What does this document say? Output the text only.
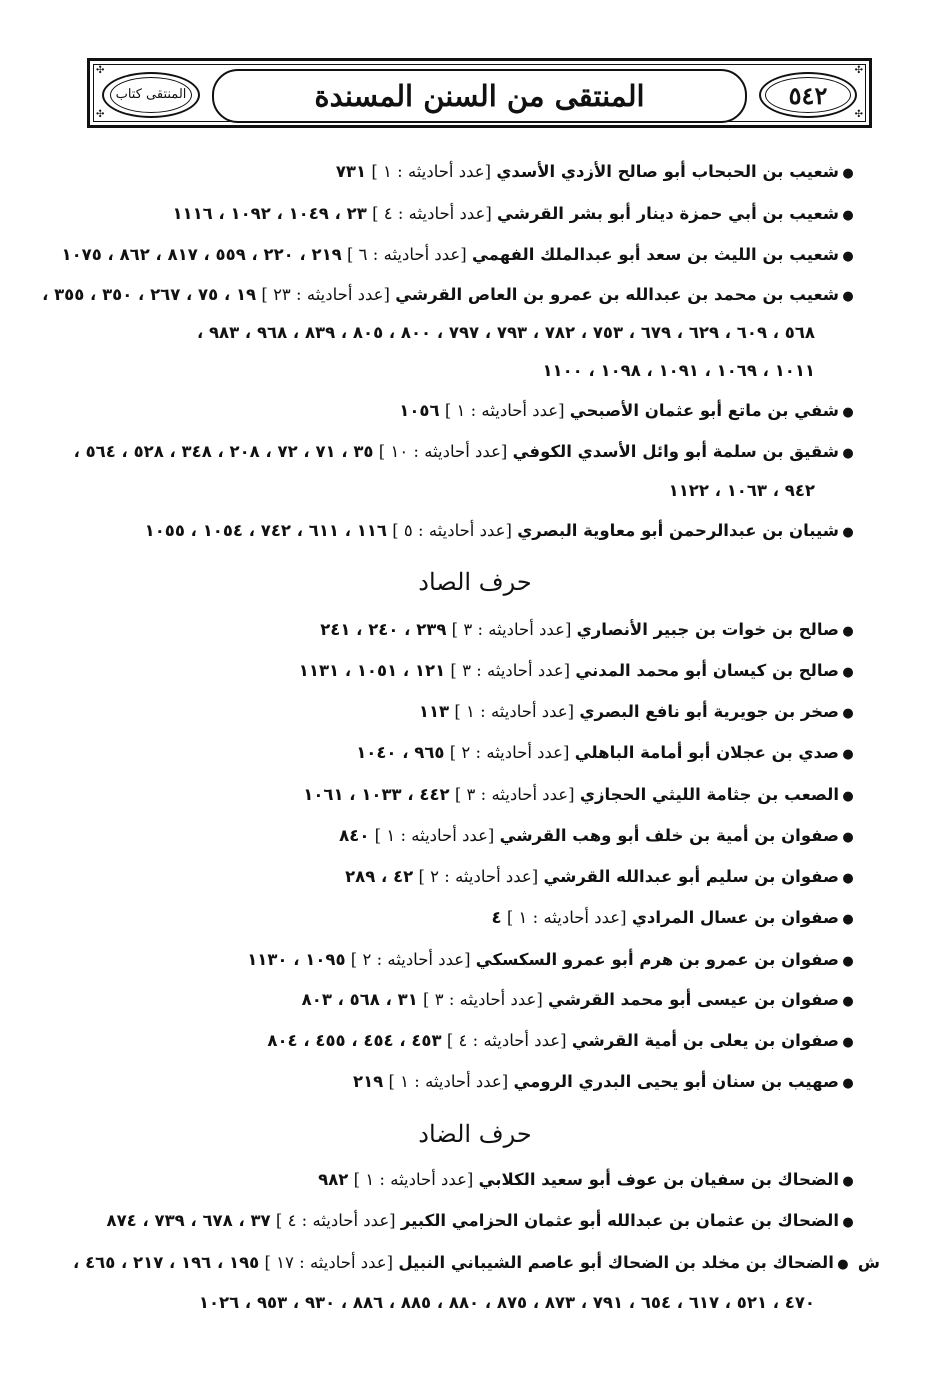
✣
✣
✣
✣
٥٤٢
المنتقى من السنن المسندة
المنتقى كتاب
●شعيب بن الحبحاب أبو صالح الأزدي الأسدي [عدد أحاديثه : ١ ] ٧٣١
●شعيب بن أبي حمزة دينار أبو بشر القرشي [عدد أحاديثه : ٤ ] ٢٣ ، ١٠٤٩ ، ١٠٩٢ ، ١١١٦
●شعيب بن الليث بن سعد أبو عبدالملك الفهمي [عدد أحاديثه : ٦ ] ٢١٩ ، ٢٢٠ ، ٥٥٩ ، ٨١٧ ، ٨٦٢ ، ١٠٧٥
●شعيب بن محمد بن عبدالله بن عمرو بن العاص القرشي [عدد أحاديثه : ٢٣ ] ١٩ ، ٧٥ ، ٢٦٧ ، ٣٥٠ ، ٣٥٥ ،
٥٦٨ ، ٦٠٩ ، ٦٢٩ ، ٦٧٩ ، ٧٥٣ ، ٧٨٢ ، ٧٩٣ ، ٧٩٧ ، ٨٠٠ ، ٨٠٥ ، ٨٣٩ ، ٩٦٨ ، ٩٨٣ ،
١٠١١ ، ١٠٦٩ ، ١٠٩١ ، ١٠٩٨ ، ١١٠٠
●شفي بن ماتع أبو عثمان الأصبحي [عدد أحاديثه : ١ ] ١٠٥٦
●شقيق بن سلمة أبو وائل الأسدي الكوفي [عدد أحاديثه : ١٠ ] ٣٥ ، ٧١ ، ٧٢ ، ٢٠٨ ، ٣٤٨ ، ٥٢٨ ، ٥٦٤ ،
٩٤٢ ، ١٠٦٣ ، ١١٢٢
●شيبان بن عبدالرحمن أبو معاوية البصري [عدد أحاديثه : ٥ ] ١١٦ ، ٦١١ ، ٧٤٢ ، ١٠٥٤ ، ١٠٥٥
حرف الصاد
●صالح بن خوات بن جبير الأنصاري [عدد أحاديثه : ٣ ] ٢٣٩ ، ٢٤٠ ، ٢٤١
●صالح بن كيسان أبو محمد المدني [عدد أحاديثه : ٣ ] ١٢١ ، ١٠٥١ ، ١١٣١
●صخر بن جويرية أبو نافع البصري [عدد أحاديثه : ١ ] ١١٣
●صدي بن عجلان أبو أمامة الباهلي [عدد أحاديثه : ٢ ] ٩٦٥ ، ١٠٤٠
●الصعب بن جثامة الليثي الحجازي [عدد أحاديثه : ٣ ] ٤٤٢ ، ١٠٣٣ ، ١٠٦١
●صفوان بن أمية بن خلف أبو وهب القرشي [عدد أحاديثه : ١ ] ٨٤٠
●صفوان بن سليم أبو عبدالله القرشي [عدد أحاديثه : ٢ ] ٤٢ ، ٢٨٩
●صفوان بن عسال المرادي [عدد أحاديثه : ١ ] ٤
●صفوان بن عمرو بن هرم أبو عمرو السكسكي [عدد أحاديثه : ٢ ] ١٠٩٥ ، ١١٣٠
●صفوان بن عيسى أبو محمد القرشي [عدد أحاديثه : ٣ ] ٣١ ، ٥٦٨ ، ٨٠٣
●صفوان بن يعلى بن أمية القرشي [عدد أحاديثه : ٤ ] ٤٥٣ ، ٤٥٤ ، ٤٥٥ ، ٨٠٤
●صهيب بن سنان أبو يحيى البدري الرومي [عدد أحاديثه : ١ ] ٢١٩
حرف الضاد
●الضحاك بن سفيان بن عوف أبو سعيد الكلابي [عدد أحاديثه : ١ ] ٩٨٢
●الضحاك بن عثمان بن عبدالله أبو عثمان الحزامي الكبير [عدد أحاديثه : ٤ ] ٣٧ ، ٦٧٨ ، ٧٣٩ ، ٨٧٤
ش●الضحاك بن مخلد بن الضحاك أبو عاصم الشيباني النبيل [عدد أحاديثه : ١٧ ] ١٩٥ ، ١٩٦ ، ٢١٧ ، ٤٦٥ ،
٤٧٠ ، ٥٢١ ، ٦١٧ ، ٦٥٤ ، ٧٩١ ، ٨٧٣ ، ٨٧٥ ، ٨٨٠ ، ٨٨٥ ، ٨٨٦ ، ٩٣٠ ، ٩٥٣ ، ١٠٢٦
